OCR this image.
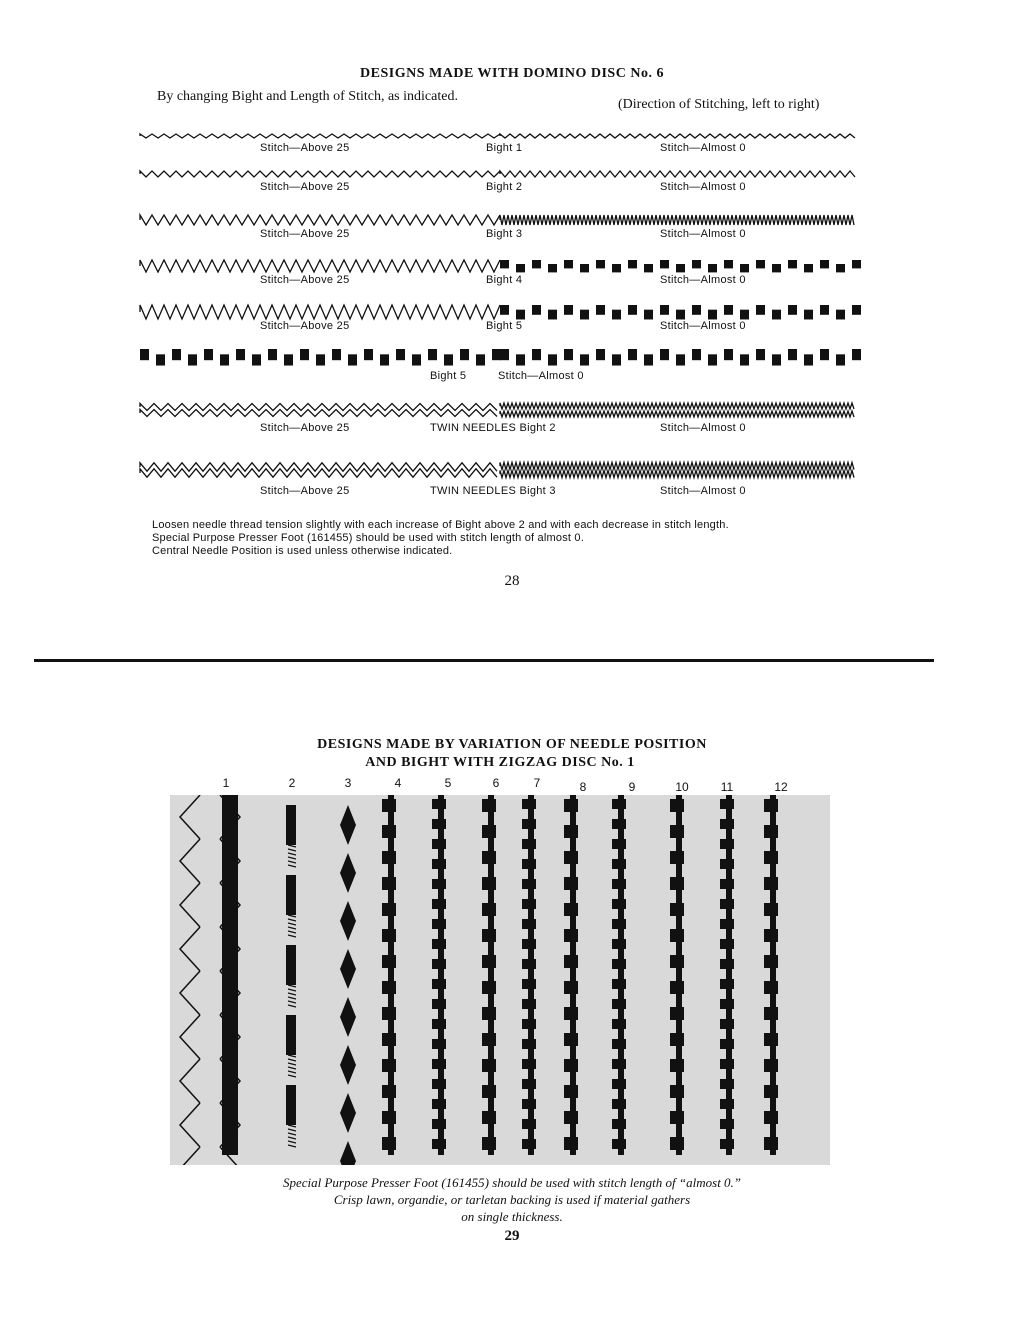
DESIGNS MADE WITH DOMINO DISC No. 6
By changing Bight and Length of Stitch, as indicated.
(Direction of Stitching, left to right)
Stitch—Above 25	Bight 1	Stitch—Almost 0
Stitch—Above 25	Bight 2	Stitch—Almost 0
Stitch—Above 25	Bight 3	Stitch—Almost 0
Stitch—Above 25	Bight 4	Stitch—Almost 0
Stitch—Above 25	Bight 5	Stitch—Almost 0
Bight 5	Stitch—Almost 0
Stitch—Above 25	TWIN NEEDLES Bight 2	Stitch—Almost 0
Stitch—Above 25	TWIN NEEDLES Bight 3	Stitch—Almost 0
Loosen needle thread tension slightly with each increase of Bight above 2 and with each decrease in stitch length.
Special Purpose Presser Foot (161455) should be used with stitch length of almost 0.
Central Needle Position is used unless otherwise indicated.
28
DESIGNS MADE BY VARIATION OF NEEDLE POSITION
AND BIGHT WITH ZIGZAG DISC No. 1
1	2	3	4	5	6	7	8	9	10	11	12
Special Purpose Presser Foot (161455) should be used with stitch length of “almost 0.”
Crisp lawn, organdie, or tarletan backing is used if material gathers
on single thickness.
29
